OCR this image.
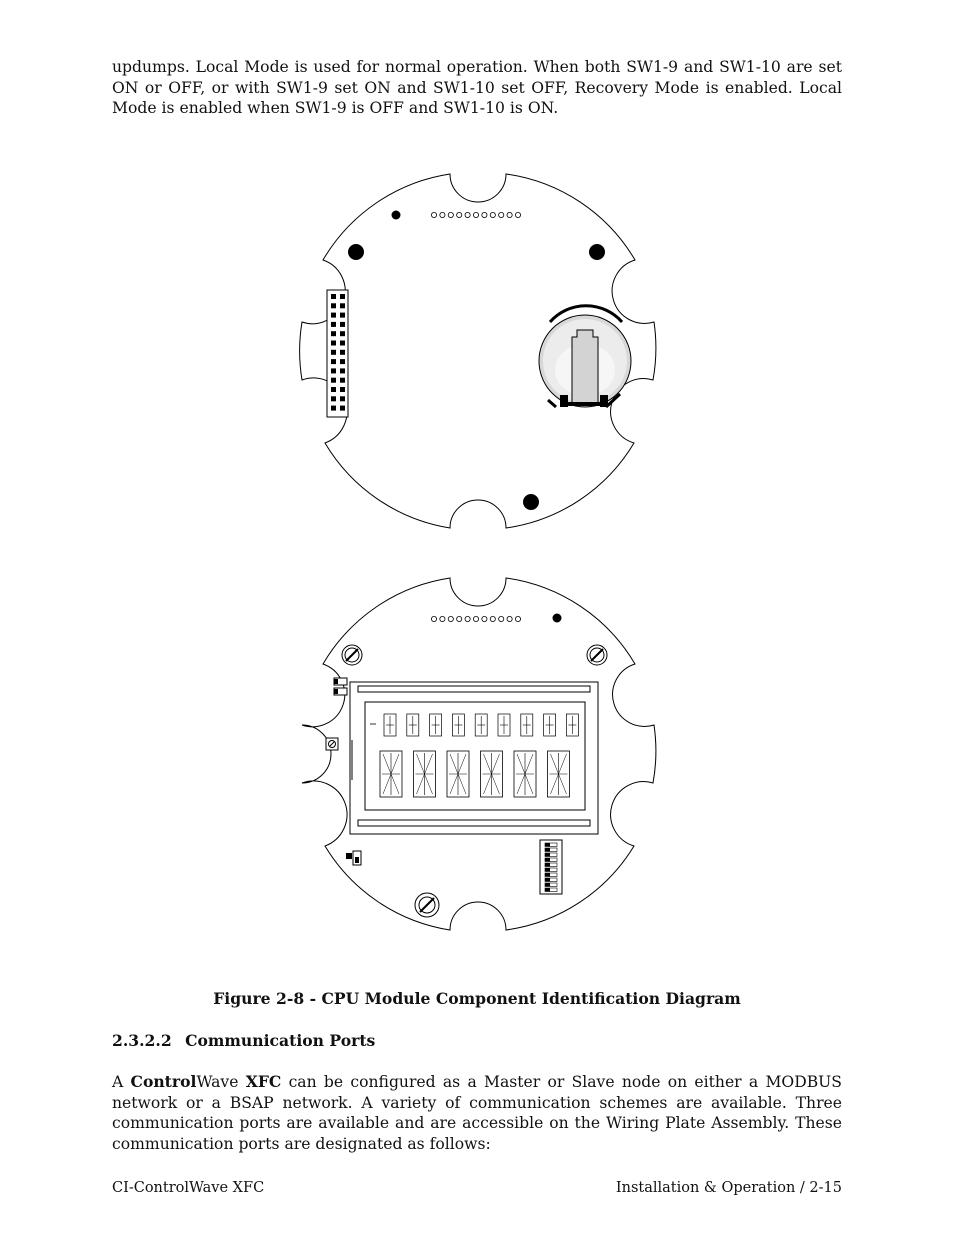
updumps. Local Mode is used for normal operation. When both SW1-9 and SW1-10 are set
ON or OFF, or with SW1-9 set ON and SW1-10 set OFF, Recovery Mode is enabled. Local
Mode is enabled when SW1-9 is OFF and SW1-10 is ON.
Figure 2-8 - CPU Module Component Identification Diagram
2.3.2.2 Communication Ports
A ControlWave XFC can be configured as a Master or Slave node on either a MODBUS
network or a BSAP network. A variety of communication schemes are available. Three
communication ports are available and are accessible on the Wiring Plate Assembly. These
communication ports are designated as follows:
CI-ControlWave XFC	Installation & Operation / 2-15
